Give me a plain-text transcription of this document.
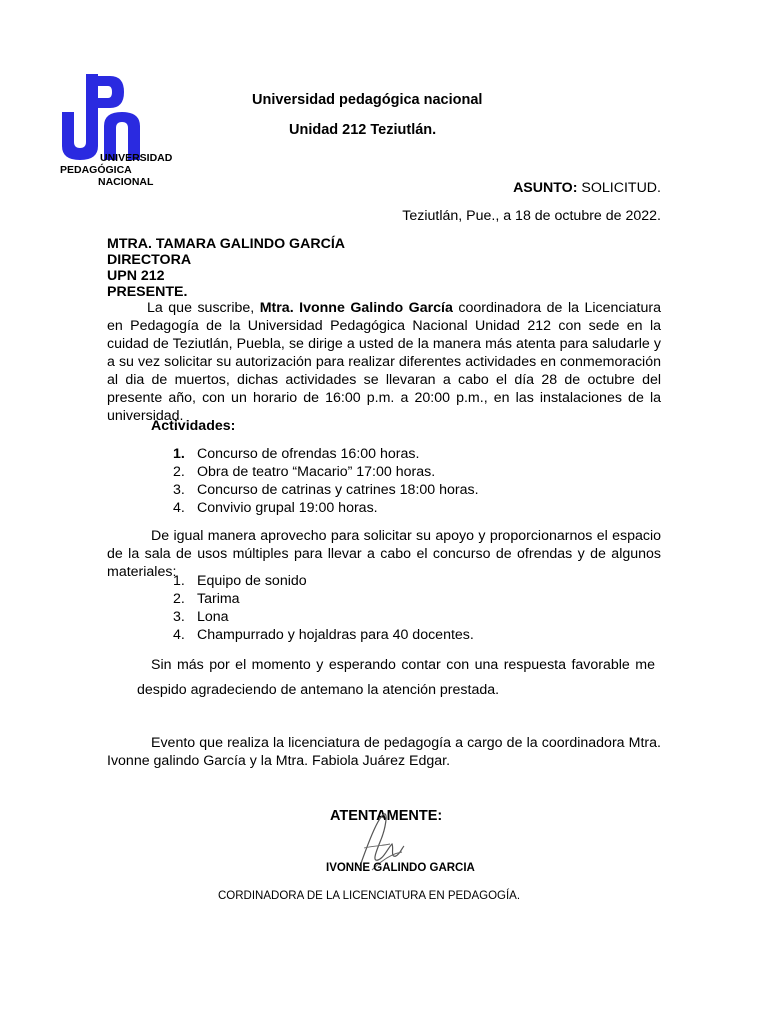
UNIVERSIDAD
PEDAGÓGICA
NACIONAL
Universidad pedagógica nacional
Unidad 212 Teziutlán.
ASUNTO: SOLICITUD.
Teziutlán, Pue., a 18 de octubre de 2022.
MTRA. TAMARA GALINDO GARCÍA
DIRECTORA
UPN 212
PRESENTE.
La que suscribe, Mtra. Ivonne Galindo García coordinadora de la Licenciatura en Pedagogía de la Universidad Pedagógica Nacional Unidad 212 con sede en la cuidad de Teziutlán, Puebla, se dirige a usted de la manera más atenta para saludarle y a su vez solicitar su autorización para realizar diferentes actividades en conmemoración al dia de muertos, dichas actividades se llevaran a cabo el día 28 de octubre del presente año, con un horario de 16:00 p.m. a 20:00 p.m., en las instalaciones de la universidad.
Actividades:
1. Concurso de ofrendas 16:00 horas.
2. Obra de teatro “Macario” 17:00 horas.
3. Concurso de catrinas y catrines 18:00 horas.
4. Convivio grupal 19:00 horas.
De igual manera aprovecho para solicitar su apoyo y proporcionarnos el espacio de la sala de usos múltiples para llevar a cabo el concurso de ofrendas y de algunos materiales:
1. Equipo de sonido
2. Tarima
3. Lona
4. Champurrado y hojaldras para 40 docentes.
Sin más por el momento y esperando contar con una respuesta favorable me
despido agradeciendo de antemano la atención prestada.
Evento que realiza la licenciatura de pedagogía a cargo de la coordinadora Mtra. Ivonne galindo García y la Mtra. Fabiola Juárez Edgar.
ATENTAMENTE:
IVONNE GALINDO GARCIA
CORDINADORA DE LA LICENCIATURA EN PEDAGOGÍA.
